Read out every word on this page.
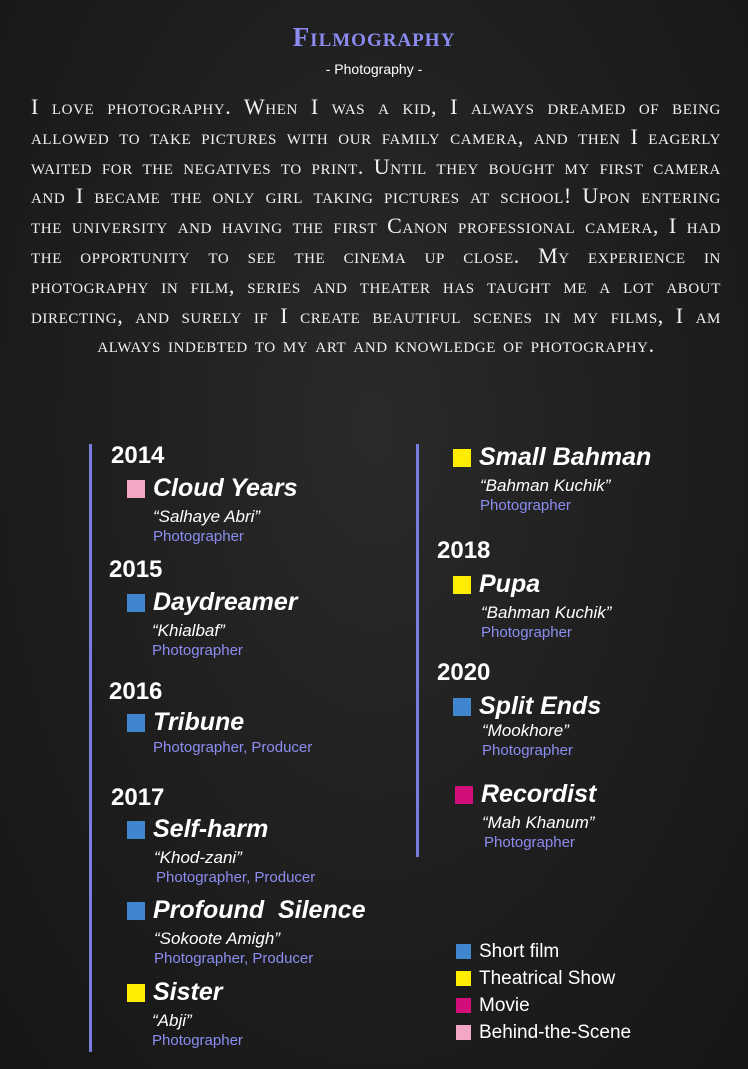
Filmography
- Photography -
I love photography. When I was a kid, I always dreamed of being allowed to take pictures with our family camera, and then I eagerly waited for the negatives to print. Until they bought my first camera and I became the only girl taking pictures at school! Upon entering the university and having the first Canon professional camera, I had the opportunity to see the cinema up close. My experience in photography in film, series and theater has taught me a lot about directing, and surely if I create beautiful scenes in my films, I am always indebted to my art and knowledge of photography.
2014
2015
2016
2017
2018
2020
Cloud Years
“Salhaye Abri”
Photographer
Daydreamer
“Khialbaf”
Photographer
Tribune
Photographer, Producer
Self-harm
“Khod-zani”
Photographer, Producer
Profound  Silence
“Sokoote Amigh”
Photographer, Producer
Sister
“Abji”
Photographer
Small Bahman
“Bahman Kuchik”
Photographer
Pupa
“Bahman Kuchik”
Photographer
Split Ends
“Mookhore”
Photographer
Recordist
“Mah Khanum”
Photographer
Short film
Theatrical Show
Movie
Behind-the-Scene
